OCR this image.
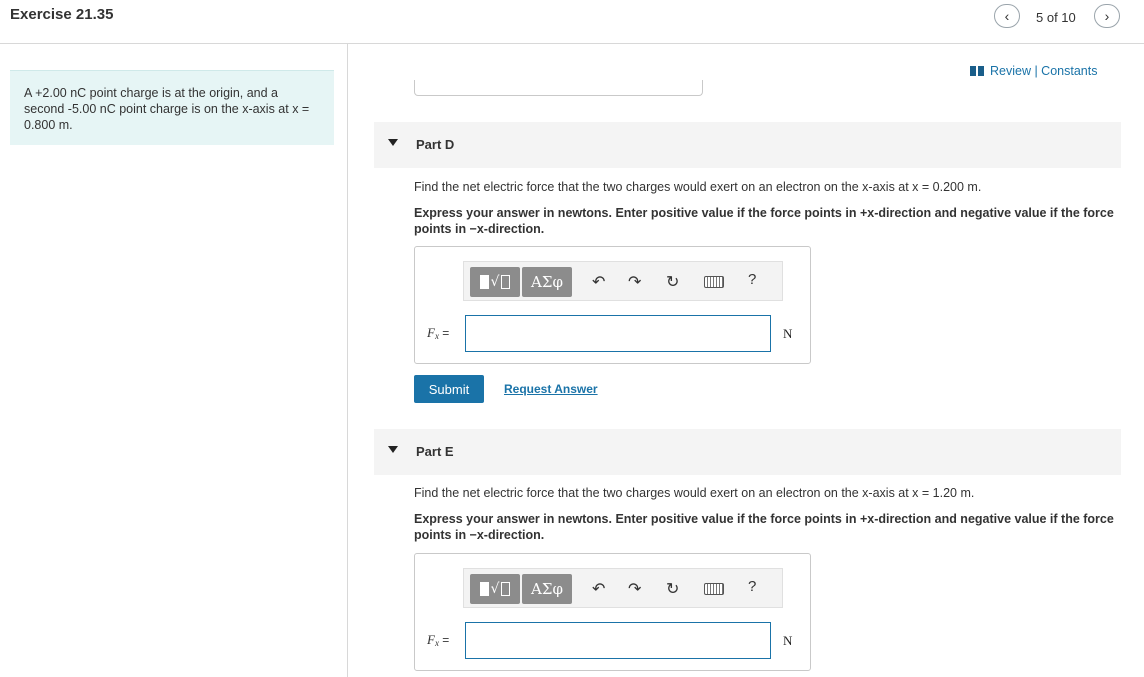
Exercise 21.35	‹ 5 of 10 ›
A +2.00 nC point charge is at the origin, and a second -5.00 nC point charge is on the x-axis at x = 0.800 m.
Review | Constants
Part D
Find the net electric force that the two charges would exert on an electron on the x-axis at x = 0.200 m.
Express your answer in newtons. Enter positive value if the force points in +x-direction and negative value if the force points in −x-direction.
√	ΑΣφ	↶ ↷ ↻	?
$F_x$ =	N
Submit	Request Answer
Part E
Find the net electric force that the two charges would exert on an electron on the x-axis at x = 1.20 m.
Express your answer in newtons. Enter positive value if the force points in +x-direction and negative value if the force points in −x-direction.
√	ΑΣφ	↶ ↷ ↻	?
$F_x$ =	N
